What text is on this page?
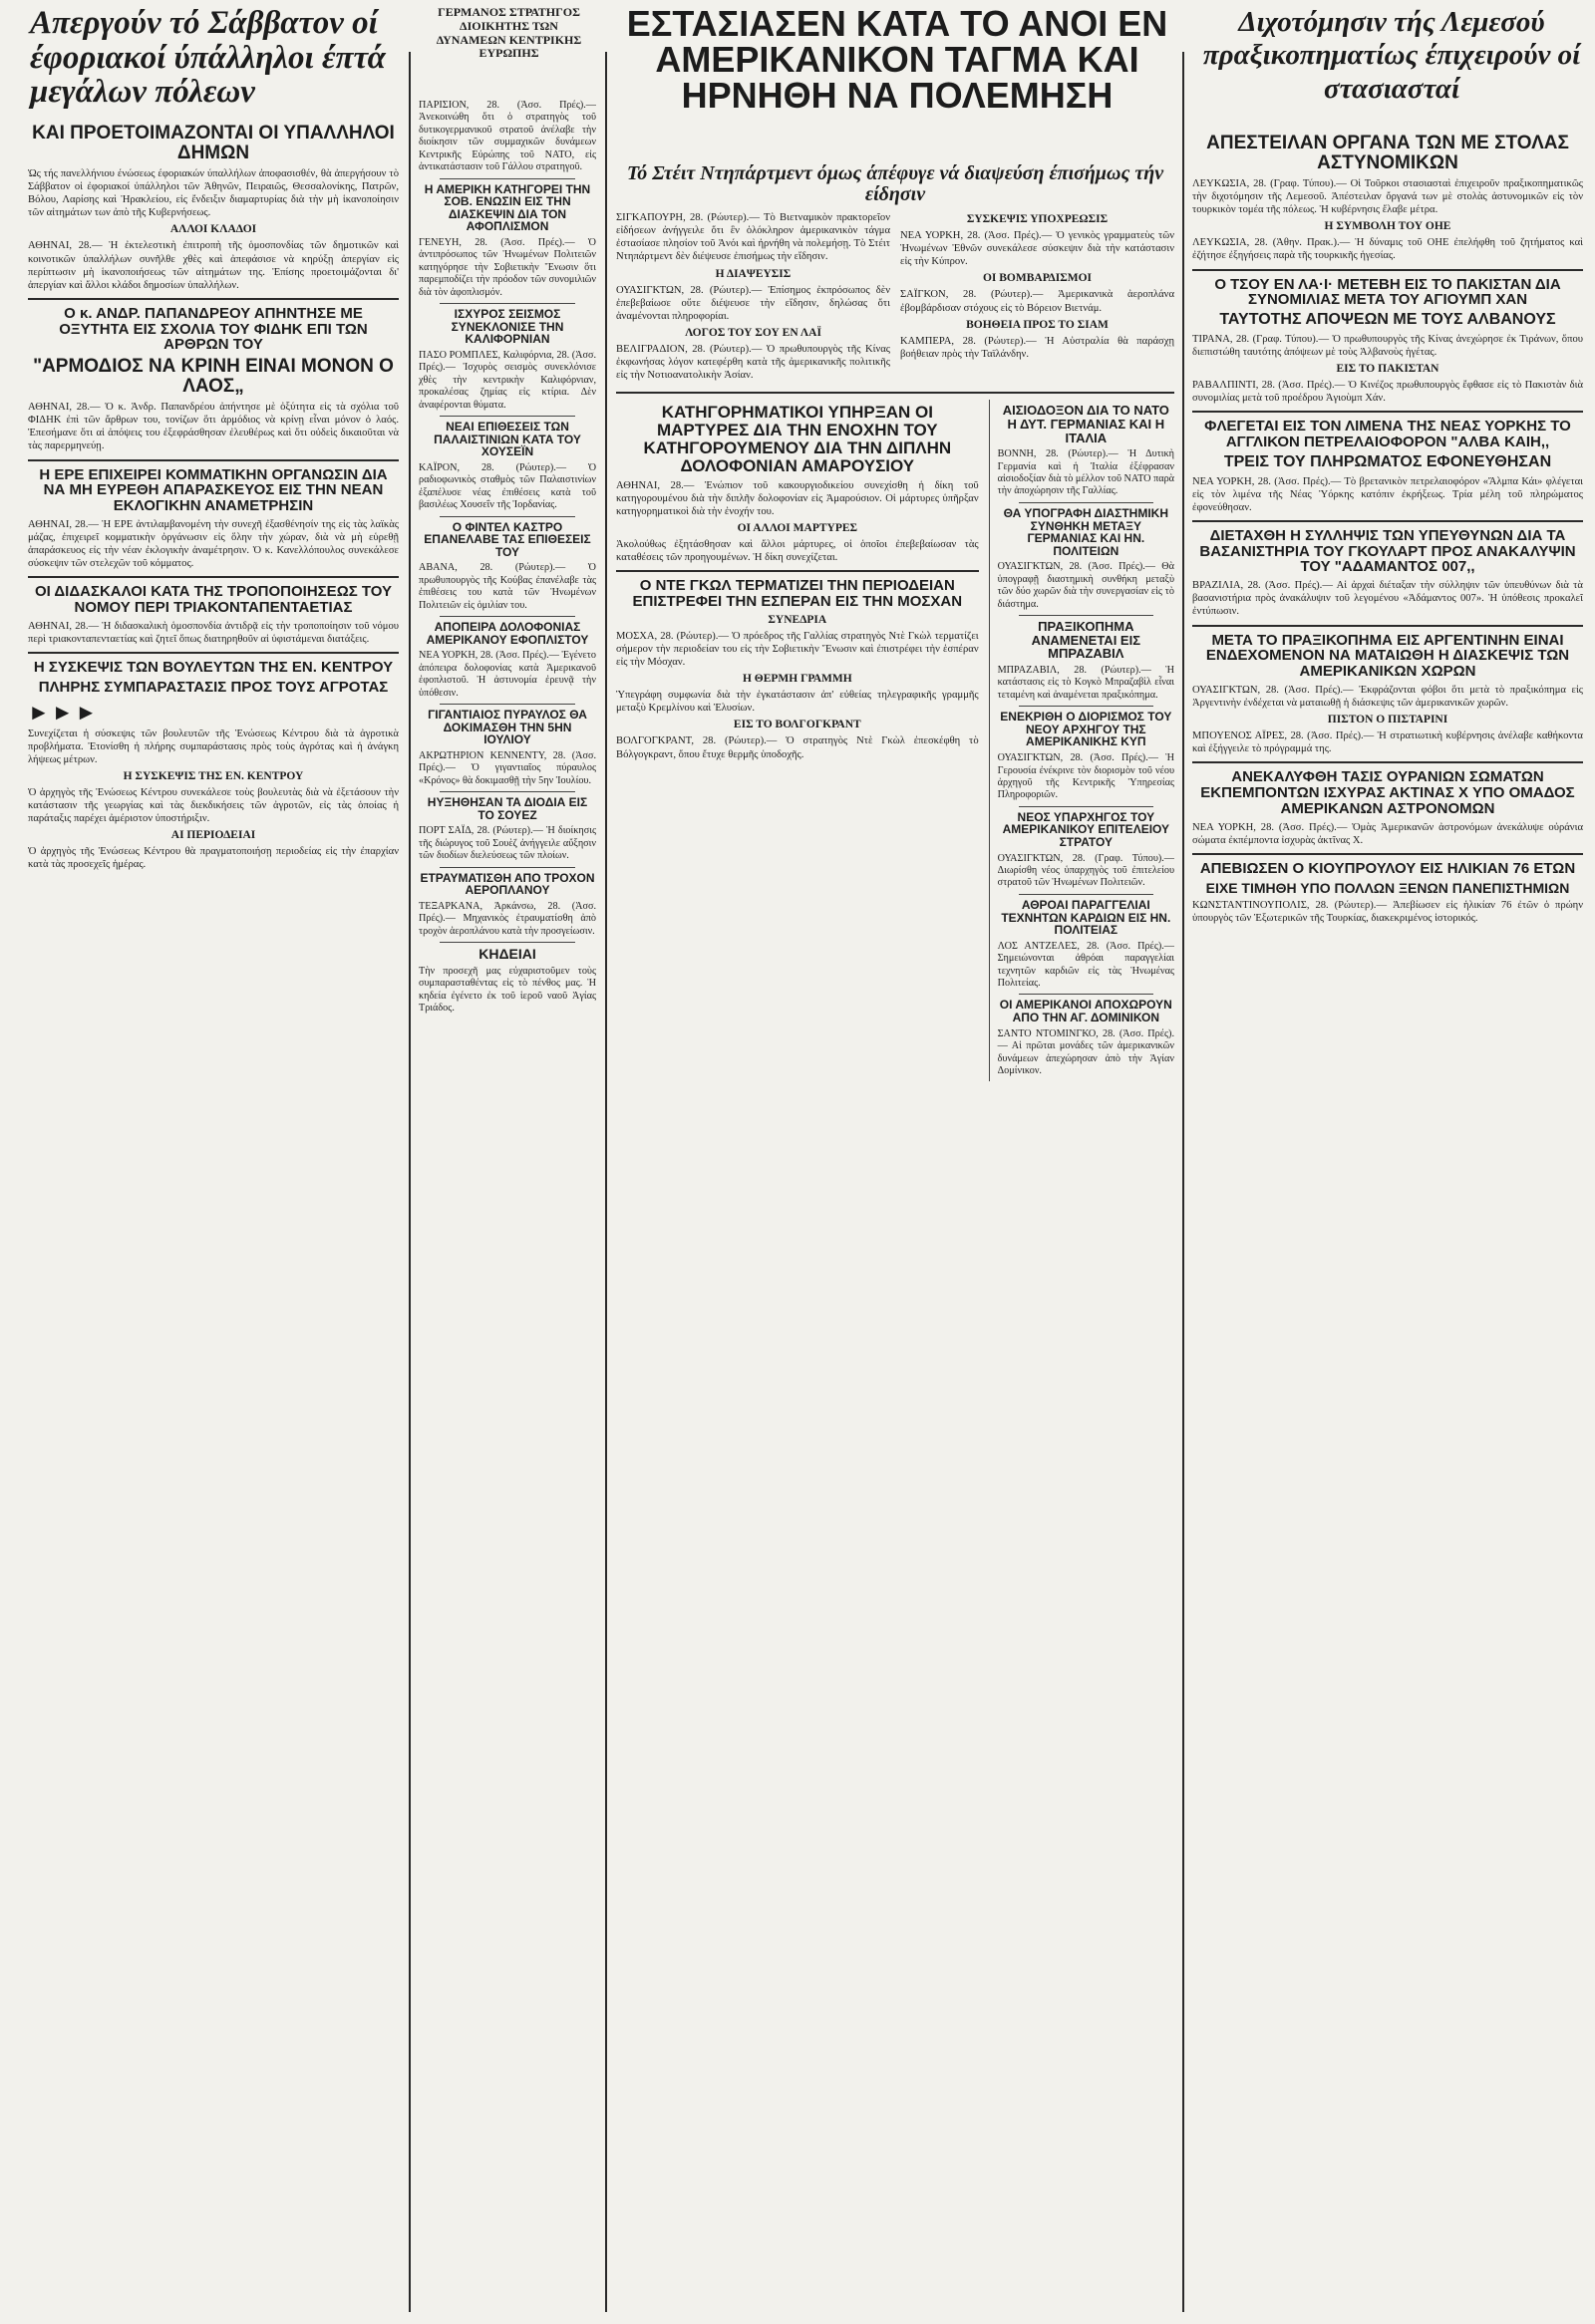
Απεργούν τό Σάββατον οί έφοριακοί ύπάλληλοι έπτά μεγάλων πόλεων
ΓΕΡΜΑΝΟΣ ΣΤΡΑΤΗΓΟΣ ΔΙΟΙΚΗΤΗΣ ΤΩΝ ΔΥΝΑΜΕΩΝ ΚΕΝΤΡΙΚΗΣ ΕΥΡΩΠΗΣ
ΕΣΤΑΣΙΑΣΕΝ ΚΑΤΑ ΤΟ ΑΝΟΙ ΕΝ ΑΜΕΡΙΚΑΝΙΚΟΝ ΤΑΓΜΑ ΚΑΙ ΗΡΝΗΘΗ ΝΑ ΠΟΛΕΜΗΣΗ
Διχοτόμησιν τής Λεμεσού πραξικοπηματίως έπιχειρούν οί στασιασταί
ΚΑΙ ΠΡΟΕΤΟΙΜΑΖΟΝΤΑΙ ΟΙ ΥΠΑΛΛΗΛΟΙ ΔΗΜΩΝ
Ὡς τής πανελλήνιου ένώσεως έφοριακών ύπαλλήλων ἀποφασισθέν, θὰ ἀπεργήσουν τὸ Σάββατον οἱ ἐφοριακοί ὑπάλληλοι τῶν Ἀθηνῶν, Πειραιῶς, Θεσσαλονίκης, Πατρῶν, Βόλου, Λαρίσης καὶ Ἡρακλείου, εἰς ἔνδειξιν διαμαρτυρίας διὰ τὴν μὴ ἱκανοποίησιν τῶν αἰτημάτων των ἀπὸ τῆς Κυβερνήσεως.
ΑΛΛΟΙ ΚΛΑΔΟΙ
ΑΘΗΝΑΙ, 28.— Ἡ ἐκτελεστικὴ ἐπιτροπὴ τῆς ὁμοσπονδίας τῶν δημοτικῶν καὶ κοινοτικῶν ὑπαλλήλων συνῆλθε χθὲς καὶ ἀπεφάσισε νὰ κηρύξῃ ἀπεργίαν εἰς περίπτωσιν μὴ ἱκανοποιήσεως τῶν αἰτημάτων της. Ἐπίσης προετοιμάζονται δι' ἀπεργίαν καὶ ἄλλοι κλάδοι δημοσίων ὑπαλλήλων.
Ο κ. ΑΝΔΡ. ΠΑΠΑΝΔΡΕΟΥ ΑΠΗΝΤΗΣΕ ΜΕ ΟΞΥΤΗΤΑ ΕΙΣ ΣΧΟΛΙΑ ΤΟΥ ΦΙΔΗΚ ΕΠΙ ΤΩΝ ΑΡΘΡΩΝ ΤΟΥ
"ΑΡΜΟΔΙΟΣ ΝΑ ΚΡΙΝΗ ΕΙΝΑΙ ΜΟΝΟΝ Ο ΛΑΟΣ„
ΑΘΗΝΑΙ, 28.— Ὁ κ. Ἀνδρ. Παπανδρέου ἀπήντησε μὲ ὀξύτητα εἰς τὰ σχόλια τοῦ ΦΙΔΗΚ ἐπὶ τῶν ἄρθρων του, τονίζων ὅτι ἁρμόδιος νὰ κρίνῃ εἶναι μόνον ὁ λαός. Ἐπεσήμανε ὅτι αἱ ἀπόψεις του ἐξεφράσθησαν ἐλευθέρως καὶ ὅτι οὐδεὶς δικαιοῦται νὰ τὰς παρερμηνεύῃ.
Η ΕΡΕ ΕΠΙΧΕΙΡΕΙ ΚΟΜΜΑΤΙΚΗΝ ΟΡΓΑΝΩΣΙΝ ΔΙΑ ΝΑ ΜΗ ΕΥΡΕΘΗ ΑΠΑΡΑΣΚΕΥΟΣ ΕΙΣ ΤΗΝ ΝΕΑΝ ΕΚΛΟΓΙΚΗΝ ΑΝΑΜΕΤΡΗΣΙΝ
ΑΘΗΝΑΙ, 28.— Ἡ ΕΡΕ ἀντιλαμβανομένη τὴν συνεχῆ ἐξασθένησίν της εἰς τὰς λαϊκὰς μάζας, ἐπιχειρεῖ κομματικὴν ὀργάνωσιν εἰς ὅλην τὴν χώραν, διὰ νὰ μὴ εὑρεθῇ ἀπαράσκευος εἰς τὴν νέαν ἐκλογικὴν ἀναμέτρησιν. Ὁ κ. Κανελλόπουλος συνεκάλεσε σύσκεψιν τῶν στελεχῶν τοῦ κόμματος.
ΟΙ ΔΙΔΑΣΚΑΛΟΙ ΚΑΤΑ ΤΗΣ ΤΡΟΠΟΠΟΙΗΣΕΩΣ ΤΟΥ ΝΟΜΟΥ ΠΕΡΙ ΤΡΙΑΚΟΝΤΑΠΕΝΤΑΕΤΙΑΣ
ΑΘΗΝΑΙ, 28.— Ἡ διδασκαλικὴ ὁμοσπονδία ἀντιδρᾷ εἰς τὴν τροποποίησιν τοῦ νόμου περὶ τριακονταπενταετίας καὶ ζητεῖ ὅπως διατηρηθοῦν αἱ ὑφιστάμεναι διατάξεις.
Η ΣΥΣΚΕΨΙΣ ΤΩΝ ΒΟΥΛΕΥΤΩΝ ΤΗΣ ΕΝ. ΚΕΝΤΡΟΥ
ΠΛΗΡΗΣ ΣΥΜΠΑΡΑΣΤΑΣΙΣ ΠΡΟΣ ΤΟΥΣ ΑΓΡΟΤΑΣ
►►►
Συνεχίζεται ἡ σύσκεψις τῶν βουλευτῶν τῆς Ἑνώσεως Κέντρου διὰ τὰ ἀγροτικὰ προβλήματα. Ἐτονίσθη ἡ πλήρης συμπαράστασις πρὸς τοὺς ἀγρότας καὶ ἡ ἀνάγκη λήψεως μέτρων.
Η ΣΥΣΚΕΨΙΣ ΤΗΣ ΕΝ. ΚΕΝΤΡΟΥ
Ὁ ἀρχηγὸς τῆς Ἑνώσεως Κέντρου συνεκάλεσε τοὺς βουλευτὰς διὰ νὰ ἐξετάσουν τὴν κατάστασιν τῆς γεωργίας καὶ τὰς διεκδικήσεις τῶν ἀγροτῶν, εἰς τὰς ὁποίας ἡ παράταξις παρέχει ἀμέριστον ὑποστήριξιν.
ΑΙ ΠΕΡΙΟΔΕΙΑΙ
Ὁ ἀρχηγὸς τῆς Ἑνώσεως Κέντρου θὰ πραγματοποιήσῃ περιοδείας εἰς τὴν ἐπαρχίαν κατὰ τὰς προσεχεῖς ἡμέρας.
ΠΑΡΙΣΙΟΝ, 28. (Ἀσσ. Πρές).— Ἀνεκοινώθη ὅτι ὁ στρατηγὸς τοῦ δυτικογερμανικοῦ στρατοῦ ἀνέλαβε τὴν διοίκησιν τῶν συμμαχικῶν δυνάμεων Κεντρικῆς Εὐρώπης τοῦ ΝΑΤΟ, εἰς ἀντικατάστασιν τοῦ Γάλλου στρατηγοῦ.
Η ΑΜΕΡΙΚΗ ΚΑΤΗΓΟΡΕΙ ΤΗΝ ΣΟΒ. ΕΝΩΣΙΝ ΕΙΣ ΤΗΝ ΔΙΑΣΚΕΨΙΝ ΔΙΑ ΤΟΝ ΑΦΟΠΛΙΣΜΟΝ
ΓΕΝΕΥΗ, 28. (Ἀσσ. Πρές).— Ὁ ἀντιπρόσωπος τῶν Ἡνωμένων Πολιτειῶν κατηγόρησε τὴν Σοβιετικὴν Ἕνωσιν ὅτι παρεμποδίζει τὴν πρόοδον τῶν συνομιλιῶν διὰ τὸν ἀφοπλισμόν.
ΙΣΧΥΡΟΣ ΣΕΙΣΜΟΣ ΣΥΝΕΚΛΟΝΙΣΕ ΤΗΝ ΚΑΛΙΦΟΡΝΙΑΝ
ΠΑΣΟ ΡΟΜΠΛΕΣ, Καλιφόρνια, 28. (Ἀσσ. Πρές).— Ἰσχυρὸς σεισμὸς συνεκλόνισε χθὲς τὴν κεντρικὴν Καλιφόρνιαν, προκαλέσας ζημίας εἰς κτίρια. Δὲν ἀναφέρονται θύματα.
ΝΕΑΙ ΕΠΙΘΕΣΕΙΣ ΤΩΝ ΠΑΛΑΙΣΤΙΝΙΩΝ ΚΑΤΑ ΤΟΥ ΧΟΥΣΕΪΝ
ΚΑΪΡΟΝ, 28. (Ρώυτερ).— Ὁ ραδιοφωνικὸς σταθμὸς τῶν Παλαιστινίων ἐξαπέλυσε νέας ἐπιθέσεις κατὰ τοῦ βασιλέως Χουσεΐν τῆς Ἰορδανίας.
Ο ΦΙΝΤΕΛ ΚΑΣΤΡΟ ΕΠΑΝΕΛΑΒΕ ΤΑΣ ΕΠΙΘΕΣΕΙΣ ΤΟΥ
ΑΒΑΝΑ, 28. (Ρώυτερ).— Ὁ πρωθυπουργὸς τῆς Κούβας ἐπανέλαβε τὰς ἐπιθέσεις του κατὰ τῶν Ἡνωμένων Πολιτειῶν εἰς ὁμιλίαν του.
ΑΠΟΠΕΙΡΑ ΔΟΛΟΦΟΝΙΑΣ ΑΜΕΡΙΚΑΝΟΥ ΕΦΟΠΛΙΣΤΟΥ
ΝΕΑ ΥΟΡΚΗ, 28. (Ἀσσ. Πρές).— Ἐγένετο ἀπόπειρα δολοφονίας κατὰ Ἀμερικανοῦ ἐφοπλιστοῦ. Ἡ ἀστυνομία ἐρευνᾷ τὴν ὑπόθεσιν.
ΓΙΓΑΝΤΙΑΙΟΣ ΠΥΡΑΥΛΟΣ ΘΑ ΔΟΚΙΜΑΣΘΗ ΤΗΝ 5ΗΝ ΙΟΥΛΙΟΥ
ΑΚΡΩΤΗΡΙΟΝ ΚΕΝΝΕΝΤΥ, 28. (Ἀσσ. Πρές).— Ὁ γιγαντιαῖος πύραυλος «Κρόνος» θὰ δοκιμασθῇ τὴν 5ην Ἰουλίου.
ΗΥΞΗΘΗΣΑΝ ΤΑ ΔΙΟΔΙΑ ΕΙΣ ΤΟ ΣΟΥΕΖ
ΠΟΡΤ ΣΑΪΔ, 28. (Ρώυτερ).— Ἡ διοίκησις τῆς διώρυγος τοῦ Σουὲζ ἀνήγγειλε αὔξησιν τῶν διοδίων διελεύσεως τῶν πλοίων.
ΕΤΡΑΥΜΑΤΙΣΘΗ ΑΠΟ ΤΡΟΧΟΝ ΑΕΡΟΠΛΑΝΟΥ
ΤΕΞΑΡΚΑΝΑ, Ἀρκάνσω, 28. (Ἀσσ. Πρές).— Μηχανικὸς ἐτραυματίσθη ἀπὸ τροχὸν ἀεροπλάνου κατὰ τὴν προσγείωσιν.
ΚΗΔΕΙΑΙ
Τὴν προσεχῆ μας εὐχαριστοῦμεν τοὺς συμπαρασταθέντας εἰς τὸ πένθος μας. Ἡ κηδεία ἐγένετο ἐκ τοῦ ἱεροῦ ναοῦ Ἁγίας Τριάδος.
Τό Στέιτ Ντηπάρτμεντ όμως άπέφυγε νά διαψεύση έπισήμως τήν είδησιν
ΣΙΓΚΑΠΟΥΡΗ, 28. (Ρώυτερ).— Τὸ Βιετναμικὸν πρακτορεῖον εἰδήσεων ἀνήγγειλε ὅτι ἓν ὁλόκληρον ἀμερικανικὸν τάγμα ἐστασίασε πλησίον τοῦ Ἀνόι καὶ ἠρνήθη νὰ πολεμήσῃ. Τὸ Στέιτ Ντηπάρτμεντ δὲν διέψευσε ἐπισήμως τὴν εἴδησιν.
Η ΔΙΑΨΕΥΣΙΣ
ΟΥΑΣΙΓΚΤΩΝ, 28. (Ρώυτερ).— Ἐπίσημος ἐκπρόσωπος δὲν ἐπεβεβαίωσε οὔτε διέψευσε τὴν εἴδησιν, δηλώσας ὅτι ἀναμένονται πληροφορίαι.
ΛΟΓΟΣ ΤΟΥ ΣΟΥ ΕΝ ΛΑΪ
ΒΕΛΙΓΡΑΔΙΟΝ, 28. (Ρώυτερ).— Ὁ πρωθυπουργὸς τῆς Κίνας ἐκφωνήσας λόγον κατεφέρθη κατὰ τῆς ἀμερικανικῆς πολιτικῆς εἰς τὴν Νοτιοανατολικὴν Ἀσίαν.
ΣΥΣΚΕΨΙΣ ΥΠΟΧΡΕΩΣΙΣ
ΝΕΑ ΥΟΡΚΗ, 28. (Ἀσσ. Πρές).— Ὁ γενικὸς γραμματεὺς τῶν Ἡνωμένων Ἐθνῶν συνεκάλεσε σύσκεψιν διὰ τὴν κατάστασιν εἰς τὴν Κύπρον.
ΟΙ ΒΟΜΒΑΡΔΙΣΜΟΙ
ΣΑΪΓΚΟΝ, 28. (Ρώυτερ).— Ἀμερικανικὰ ἀεροπλάνα ἐβομβάρδισαν στόχους εἰς τὸ Βόρειον Βιετνάμ.
ΒΟΗΘΕΙΑ ΠΡΟΣ ΤΟ ΣΙΑΜ
ΚΑΜΠΕΡΑ, 28. (Ρώυτερ).— Ἡ Αὐστραλία θὰ παράσχῃ βοήθειαν πρὸς τὴν Ταϊλάνδην.
ΚΑΤΗΓΟΡΗΜΑΤΙΚΟΙ ΥΠΗΡΞΑΝ ΟΙ ΜΑΡΤΥΡΕΣ ΔΙΑ ΤΗΝ ΕΝΟΧΗΝ ΤΟΥ ΚΑΤΗΓΟΡΟΥΜΕΝΟΥ ΔΙΑ ΤΗΝ ΔΙΠΛΗΝ ΔΟΛΟΦΟΝΙΑΝ ΑΜΑΡΟΥΣΙΟΥ
ΑΘΗΝΑΙ, 28.— Ἐνώπιον τοῦ κακουργιοδικείου συνεχίσθη ἡ δίκη τοῦ κατηγορουμένου διὰ τὴν διπλῆν δολοφονίαν εἰς Ἀμαρούσιον. Οἱ μάρτυρες ὑπῆρξαν κατηγορηματικοὶ διὰ τὴν ἐνοχήν του.
ΟΙ ΑΛΛΟΙ ΜΑΡΤΥΡΕΣ
Ἀκολούθως ἐξητάσθησαν καὶ ἄλλοι μάρτυρες, οἱ ὁποῖοι ἐπεβεβαίωσαν τὰς καταθέσεις τῶν προηγουμένων. Ἡ δίκη συνεχίζεται.
Ο ΝΤΕ ΓΚΩΛ ΤΕΡΜΑΤΙΖΕΙ ΤΗΝ ΠΕΡΙΟΔΕΙΑΝ ΕΠΙΣΤΡΕΦΕΙ ΤΗΝ ΕΣΠΕΡΑΝ ΕΙΣ ΤΗΝ ΜΟΣΧΑΝ
ΣΥΝΕΔΡΙΑ
ΜΟΣΧΑ, 28. (Ρώυτερ).— Ὁ πρόεδρος τῆς Γαλλίας στρατηγὸς Ντὲ Γκὼλ τερματίζει σήμερον τὴν περιοδείαν του εἰς τὴν Σοβιετικὴν Ἕνωσιν καὶ ἐπιστρέφει τὴν ἑσπέραν εἰς τὴν Μόσχαν.
Η ΘΕΡΜΗ ΓΡΑΜΜΗ
Ὑπεγράφη συμφωνία διὰ τὴν ἐγκατάστασιν ἀπ' εὐθείας τηλεγραφικῆς γραμμῆς μεταξὺ Κρεμλίνου καὶ Ἐλυσίων.
ΕΙΣ ΤΟ ΒΟΛΓΟΓΚΡΑΝΤ
ΒΟΛΓΟΓΚΡΑΝΤ, 28. (Ρώυτερ).— Ὁ στρατηγὸς Ντὲ Γκὼλ ἐπεσκέφθη τὸ Βόλγογκραντ, ὅπου ἔτυχε θερμῆς ὑποδοχῆς.
ΑΙΣΙΟΔΟΞΟΝ ΔΙΑ ΤΟ ΝΑΤΟ Η ΔΥΤ. ΓΕΡΜΑΝΙΑΣ ΚΑΙ Η ΙΤΑΛΙΑ
ΒΟΝΝΗ, 28. (Ρώυτερ).— Ἡ Δυτικὴ Γερμανία καὶ ἡ Ἰταλία ἐξέφρασαν αἰσιοδοξίαν διὰ τὸ μέλλον τοῦ ΝΑΤΟ παρὰ τὴν ἀποχώρησιν τῆς Γαλλίας.
ΘΑ ΥΠΟΓΡΑΦΗ ΔΙΑΣΤΗΜΙΚΗ ΣΥΝΘΗΚΗ ΜΕΤΑΞΥ ΓΕΡΜΑΝΙΑΣ ΚΑΙ ΗΝ. ΠΟΛΙΤΕΙΩΝ
ΟΥΑΣΙΓΚΤΩΝ, 28. (Ἀσσ. Πρές).— Θὰ ὑπογραφῇ διαστημικὴ συνθήκη μεταξὺ τῶν δύο χωρῶν διὰ τὴν συνεργασίαν εἰς τὸ διάστημα.
ΠΡΑΞΙΚΟΠΗΜΑ ΑΝΑΜΕΝΕΤΑΙ ΕΙΣ ΜΠΡΑΖΑΒΙΛ
ΜΠΡΑΖΑΒΙΛ, 28. (Ρώυτερ).— Ἡ κατάστασις εἰς τὸ Κογκὸ Μπραζαβὶλ εἶναι τεταμένη καὶ ἀναμένεται πραξικόπημα.
ΕΝΕΚΡΙΘΗ Ο ΔΙΟΡΙΣΜΟΣ ΤΟΥ ΝΕΟΥ ΑΡΧΗΓΟΥ ΤΗΣ ΑΜΕΡΙΚΑΝΙΚΗΣ ΚΥΠ
ΟΥΑΣΙΓΚΤΩΝ, 28. (Ἀσσ. Πρές).— Ἡ Γερουσία ἐνέκρινε τὸν διορισμὸν τοῦ νέου ἀρχηγοῦ τῆς Κεντρικῆς Ὑπηρεσίας Πληροφοριῶν.
ΝΕΟΣ ΥΠΑΡΧΗΓΟΣ ΤΟΥ ΑΜΕΡΙΚΑΝΙΚΟΥ ΕΠΙΤΕΛΕΙΟΥ ΣΤΡΑΤΟΥ
ΟΥΑΣΙΓΚΤΩΝ, 28. (Γραφ. Τύπου).— Διωρίσθη νέος ὑπαρχηγὸς τοῦ ἐπιτελείου στρατοῦ τῶν Ἡνωμένων Πολιτειῶν.
ΑΘΡΟΑΙ ΠΑΡΑΓΓΕΛΙΑΙ ΤΕΧΝΗΤΩΝ ΚΑΡΔΙΩΝ ΕΙΣ ΗΝ. ΠΟΛΙΤΕΙΑΣ
ΛΟΣ ΑΝΤΖΕΛΕΣ, 28. (Ἀσσ. Πρές).— Σημειώνονται ἀθρόαι παραγγελίαι τεχνητῶν καρδιῶν εἰς τὰς Ἡνωμένας Πολιτείας.
ΟΙ ΑΜΕΡΙΚΑΝΟΙ ΑΠΟΧΩΡΟΥΝ ΑΠΟ ΤΗΝ ΑΓ. ΔΟΜΙΝΙΚΟΝ
ΣΑΝΤΟ ΝΤΟΜΙΝΓΚΟ, 28. (Ἀσσ. Πρές).— Αἱ πρῶται μονάδες τῶν ἀμερικανικῶν δυνάμεων ἀπεχώρησαν ἀπὸ τὴν Ἁγίαν Δομίνικον.
ΑΠΕΣΤΕΙΛΑΝ ΟΡΓΑΝΑ ΤΩΝ ΜΕ ΣΤΟΛΑΣ ΑΣΤΥΝΟΜΙΚΩΝ
ΛΕΥΚΩΣΙΑ, 28. (Γραφ. Τύπου).— Οἱ Τοῦρκοι στασιασταὶ ἐπιχειροῦν πραξικοπηματικῶς τὴν διχοτόμησιν τῆς Λεμεσοῦ. Ἀπέστειλαν ὄργανά των μὲ στολὰς ἀστυνομικῶν εἰς τὸν τουρκικὸν τομέα τῆς πόλεως. Ἡ κυβέρνησις ἔλαβε μέτρα.
Η ΣΥΜΒΟΛΗ ΤΟΥ ΟΗΕ
ΛΕΥΚΩΣΙΑ, 28. (Ἀθην. Πρακ.).— Ἡ δύναμις τοῦ ΟΗΕ ἐπελήφθη τοῦ ζητήματος καὶ ἐζήτησε ἐξηγήσεις παρὰ τῆς τουρκικῆς ἡγεσίας.
Ο ΤΣΟΥ ΕΝ ΛΑ·Ι· ΜΕΤΕΒΗ ΕΙΣ ΤΟ ΠΑΚΙΣΤΑΝ ΔΙΑ ΣΥΝΟΜΙΛΙΑΣ ΜΕΤΑ ΤΟΥ ΑΓΙΟΥΜΠ ΧΑΝ
ΤΑΥΤΟΤΗΣ ΑΠΟΨΕΩΝ ΜΕ ΤΟΥΣ ΑΛΒΑΝΟΥΣ
ΤΙΡΑΝΑ, 28. (Γραφ. Τύπου).— Ὁ πρωθυπουργὸς τῆς Κίνας ἀνεχώρησε ἐκ Τιράνων, ὅπου διεπιστώθη ταυτότης ἀπόψεων μὲ τοὺς Ἀλβανοὺς ἡγέτας.
ΕΙΣ ΤΟ ΠΑΚΙΣΤΑΝ
ΡΑΒΑΛΠΙΝΤΙ, 28. (Ἀσσ. Πρές).— Ὁ Κινέζος πρωθυπουργὸς ἔφθασε εἰς τὸ Πακιστὰν διὰ συνομιλίας μετὰ τοῦ προέδρου Ἀγιοὺμπ Χάν.
ΦΛΕΓΕΤΑΙ ΕΙΣ ΤΟΝ ΛΙΜΕΝΑ ΤΗΣ ΝΕΑΣ ΥΟΡΚΗΣ ΤΟ ΑΓΓΛΙΚΟΝ ΠΕΤΡΕΛΑΙΟΦΟΡΟΝ "ΑΛΒΑ ΚΑΙΗ,,
ΤΡΕΙΣ ΤΟΥ ΠΛΗΡΩΜΑΤΟΣ ΕΦΟΝΕΥΘΗΣΑΝ
ΝΕΑ ΥΟΡΚΗ, 28. (Ἀσσ. Πρές).— Τὸ βρετανικὸν πετρελαιοφόρον «Ἄλμπα Κάι» φλέγεται εἰς τὸν λιμένα τῆς Νέας Ὑόρκης κατόπιν ἐκρήξεως. Τρία μέλη τοῦ πληρώματος ἐφονεύθησαν.
ΔΙΕΤΑΧΘΗ Η ΣΥΛΛΗΨΙΣ ΤΩΝ ΥΠΕΥΘΥΝΩΝ ΔΙΑ ΤΑ ΒΑΣΑΝΙΣΤΗΡΙΑ ΤΟΥ ΓΚΟΥΛΑΡΤ ΠΡΟΣ ΑΝΑΚΑΛΥΨΙΝ ΤΟΥ "ΑΔΑΜΑΝΤΟΣ 007,,
ΒΡΑΖΙΛΙΑ, 28. (Ἀσσ. Πρές).— Αἱ ἀρχαὶ διέταξαν τὴν σύλληψιν τῶν ὑπευθύνων διὰ τὰ βασανιστήρια πρὸς ἀνακάλυψιν τοῦ λεγομένου «Ἀδάμαντος 007». Ἡ ὑπόθεσις προκαλεῖ ἐντύπωσιν.
ΜΕΤΑ ΤΟ ΠΡΑΞΙΚΟΠΗΜΑ ΕΙΣ ΑΡΓΕΝΤΙΝΗΝ ΕΙΝΑΙ ΕΝΔΕΧΟΜΕΝΟΝ ΝΑ ΜΑΤΑΙΩΘΗ Η ΔΙΑΣΚΕΨΙΣ ΤΩΝ ΑΜΕΡΙΚΑΝΙΚΩΝ ΧΩΡΩΝ
ΟΥΑΣΙΓΚΤΩΝ, 28. (Ἀσσ. Πρές).— Ἐκφράζονται φόβοι ὅτι μετὰ τὸ πραξικόπημα εἰς Ἀργεντινὴν ἐνδέχεται νὰ ματαιωθῇ ἡ διάσκεψις τῶν ἀμερικανικῶν χωρῶν.
ΠΙΣΤΟΝ Ο ΠΙΣΤΑΡΙΝΙ
ΜΠΟΥΕΝΟΣ ΑΪΡΕΣ, 28. (Ἀσσ. Πρές).— Ἡ στρατιωτικὴ κυβέρνησις ἀνέλαβε καθήκοντα καὶ ἐξήγγειλε τὸ πρόγραμμά της.
ΑΝΕΚΑΛΥΦΘΗ ΤΑΣΙΣ ΟΥΡΑΝΙΩΝ ΣΩΜΑΤΩΝ ΕΚΠΕΜΠΟΝΤΩΝ ΙΣΧΥΡΑΣ ΑΚΤΙΝΑΣ Χ ΥΠΟ ΟΜΑΔΟΣ ΑΜΕΡΙΚΑΝΩΝ ΑΣΤΡΟΝΟΜΩΝ
ΝΕΑ ΥΟΡΚΗ, 28. (Ἀσσ. Πρές).— Ὁμὰς Ἀμερικανῶν ἀστρονόμων ἀνεκάλυψε οὐράνια σώματα ἐκπέμποντα ἰσχυρὰς ἀκτῖνας Χ.
ΑΠΕΒΙΩΣΕΝ Ο ΚΙΟΥΠΡΟΥΛΟΥ ΕΙΣ ΗΛΙΚΙΑΝ 76 ΕΤΩΝ
ΕΙΧΕ ΤΙΜΗΘΗ ΥΠΟ ΠΟΛΛΩΝ ΞΕΝΩΝ ΠΑΝΕΠΙΣΤΗΜΙΩΝ
ΚΩΝΣΤΑΝΤΙΝΟΥΠΟΛΙΣ, 28. (Ρώυτερ).— Ἀπεβίωσεν εἰς ἡλικίαν 76 ἐτῶν ὁ πρώην ὑπουργὸς τῶν Ἐξωτερικῶν τῆς Τουρκίας, διακεκριμένος ἱστορικός.
